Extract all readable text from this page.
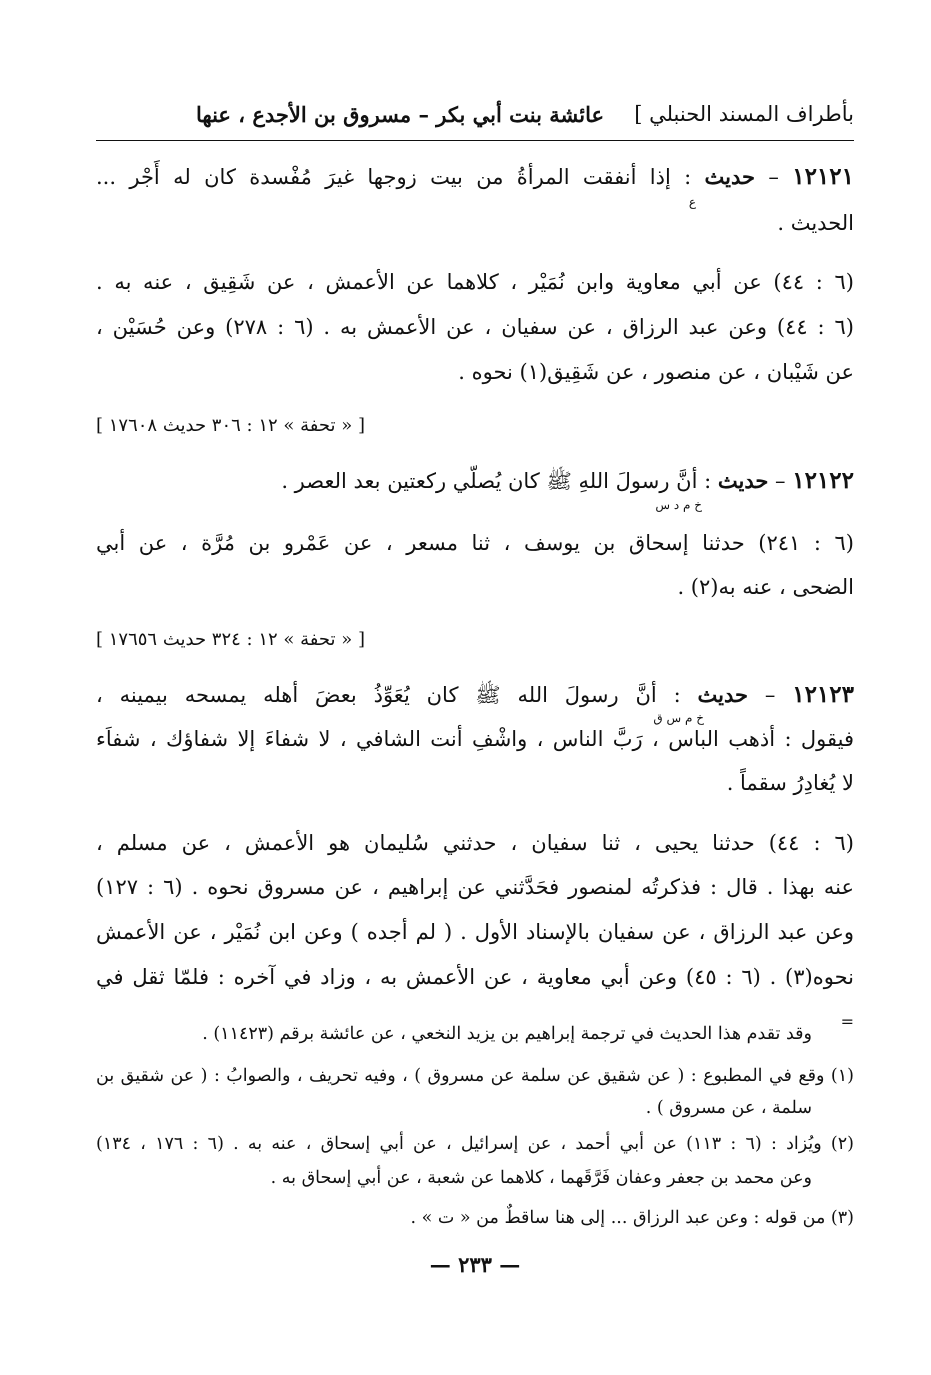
بأطراف المسند الحنبلي ]
عائشة بنت أبي بكر – مسروق بن الأجدع ، عنها
١٢١٢١ – حديث : إذا أنفقت المرأةُ من بيت زوجها غيرَ مُفْسدة كان له أَجْر ...
ع
الحديث .
(٦ : ٤٤) عن أبي معاوية وابن نُمَيْر ، كلاهما عن الأعمش ، عن شَقِيق ، عنه به .
(٦ : ٤٤) وعن عبد الرزاق ، عن سفيان ، عن الأعمش به . (٦ : ٢٧٨) وعن حُسَيْن ،
عن شَيْبان ، عن منصور ، عن شَقِيق(١) نحوه .
[ « تحفة » ١٢ : ٣٠٦ حديث ١٧٦٠٨ ]
١٢١٢٢ – حديث : أنَّ رسولَ اللهِ ﷺ كان يُصلّي ركعتين بعد العصر .
خ م د س
(٦ : ٢٤١) حدثنا إسحاق بن يوسف ، ثنا مسعر ، عن عَمْرو بن مُرَّة ، عن أبي
الضحى ، عنه به(٢) .
[ « تحفة » ١٢ : ٣٢٤ حديث ١٧٦٥٦ ]
١٢١٢٣ – حديث : أنَّ رسولَ الله ﷺ كان يُعَوِّذُ بعضَ أهله يمسحه بيمينه ،
خ م س ق
فيقول : أذهب الباس ، رَبَّ الناس ، واشْفِ أنت الشافي ، لا شفاءَ إلا شفاؤك ، شفاَء
لا يُغادِرُ سقماً .
(٦ : ٤٤) حدثنا يحيى ، ثنا سفيان ، حدثني سُليمان هو الأعمش ، عن مسلم ،
عنه بهذا . قال : فذكرتُه لمنصور فحَدَّثني عن إبراهيم ، عن مسروق نحوه . (٦ : ١٢٧)
وعن عبد الرزاق ، عن سفيان بالإسناد الأول . ( لم أجده ) وعن ابن نُمَيْر ، عن الأعمش
نحوه(٣) . (٦ : ٤٥) وعن أبي معاوية ، عن الأعمش به ، وزاد في آخره : فلمّا ثقل في
=
وقد تقدم هذا الحديث في ترجمة إبراهيم بن يزيد النخعي ، عن عائشة برقم (١١٤٢٣) .
(١) وقع في المطبوع : ( عن شقيق عن سلمة عن مسروق ) ، وفيه تحريف ، والصوابُ : ( عن شقيق بن
سلمة ، عن مسروق ) .
(٢) ويُزاد : (٦ : ١١٣) عن أبي أحمد ، عن إسرائيل ، عن أبي إسحاق ، عنه به . (٦ : ١٧٦ ، ١٣٤)
وعن محمد بن جعفر وعفان فَرَّقَهما ، كلاهما عن شعبة ، عن أبي إسحاق به .
(٣) من قوله : وعن عبد الرزاق ... إلى هنا ساقطٌ من « ت » .
— ٢٣٣ —
